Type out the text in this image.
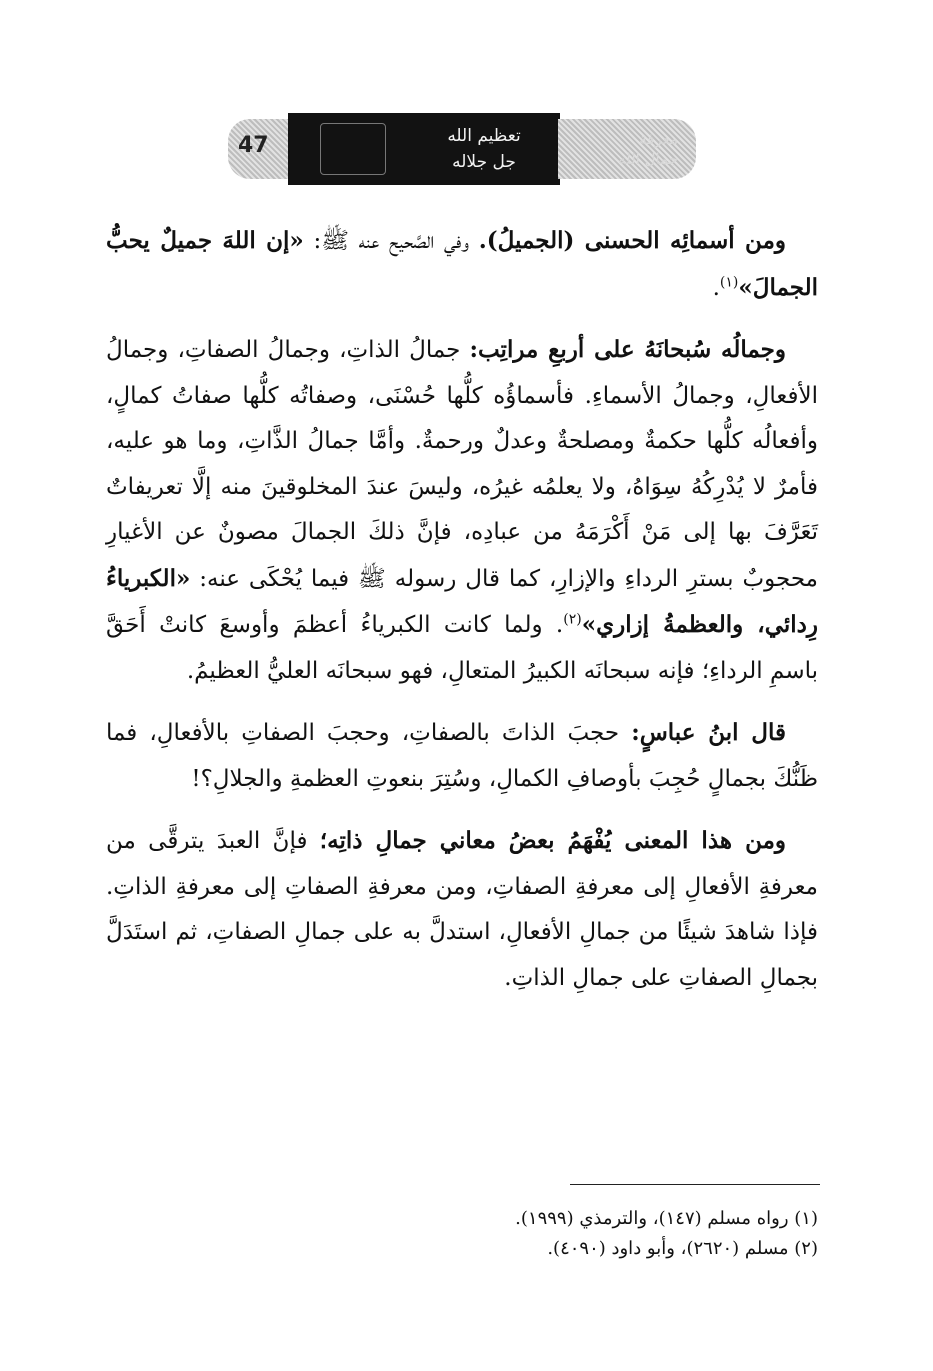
47	تعظيم الله
جل جلاله
معرفة
جمال الله

ومن أسمائِه الحسنى (الجميلُ). وفي الصَّحيح عنه ﷺ: «إن اللهَ جميلٌ يحبُّ الجمالَ»$^{(١)}$.

وجمالُه سُبحانَهُ على أربعِ مراتِب: جمالُ الذاتِ، وجمالُ الصفاتِ، وجمالُ الأفعالِ، وجمالُ الأسماءِ. فأسماؤُه كلُّها حُسْنَى، وصفاتُه كلُّها صفاتُ كمالٍ، وأفعالُه كلُّها حكمةٌ ومصلحةٌ وعدلٌ ورحمةٌ. وأمَّا جمالُ الذَّاتِ، وما هو عليه، فأمرٌ لا يُدْرِكُهُ سِوَاهُ، ولا يعلمُه غيرُه، وليسَ عندَ المخلوقينَ منه إلَّا تعريفاتٌ تَعَرَّفَ بها إلى مَنْ أَكْرَمَهُ من عبادِه، فإنَّ ذلكَ الجمالَ مصونٌ عن الأغيارِ محجوبٌ بسترِ الرداءِ والإزارِ، كما قال رسوله ﷺ فيما يُحْكَى عنه: «الكبرياءُ رِدائي، والعظمةُ إزاري»$^{(٢)}$. ولما كانت الكبرياءُ أعظمَ وأوسعَ كانتْ أَحَقَّ باسمِ الرداءِ؛ فإنه سبحانَه الكبيرُ المتعالِ، فهو سبحانَه العليُّ العظيمُ.

قال ابنُ عباسٍ: حجبَ الذاتَ بالصفاتِ، وحجبَ الصفاتِ بالأفعالِ، فما ظَنُّكَ بجمالٍ حُجِبَ بأوصافِ الكمالِ، وسُتِرَ بنعوتِ العظمةِ والجلالِ؟!

ومن هذا المعنى يُفْهَمُ بعضُ معاني جمالِ ذاتِه؛ فإنَّ العبدَ يترقَّى من معرفةِ الأفعالِ إلى معرفةِ الصفاتِ، ومن معرفةِ الصفاتِ إلى معرفةِ الذاتِ. فإذا شاهدَ شيئًا من جمالِ الأفعالِ، استدلَّ به على جمالِ الصفاتِ، ثم استَدَلَّ بجمالِ الصفاتِ على جمالِ الذاتِ.

(١) رواه مسلم (١٤٧)، والترمذي (١٩٩٩).
(٢) مسلم (٢٦٢٠)، وأبو داود (٤٠٩٠).
